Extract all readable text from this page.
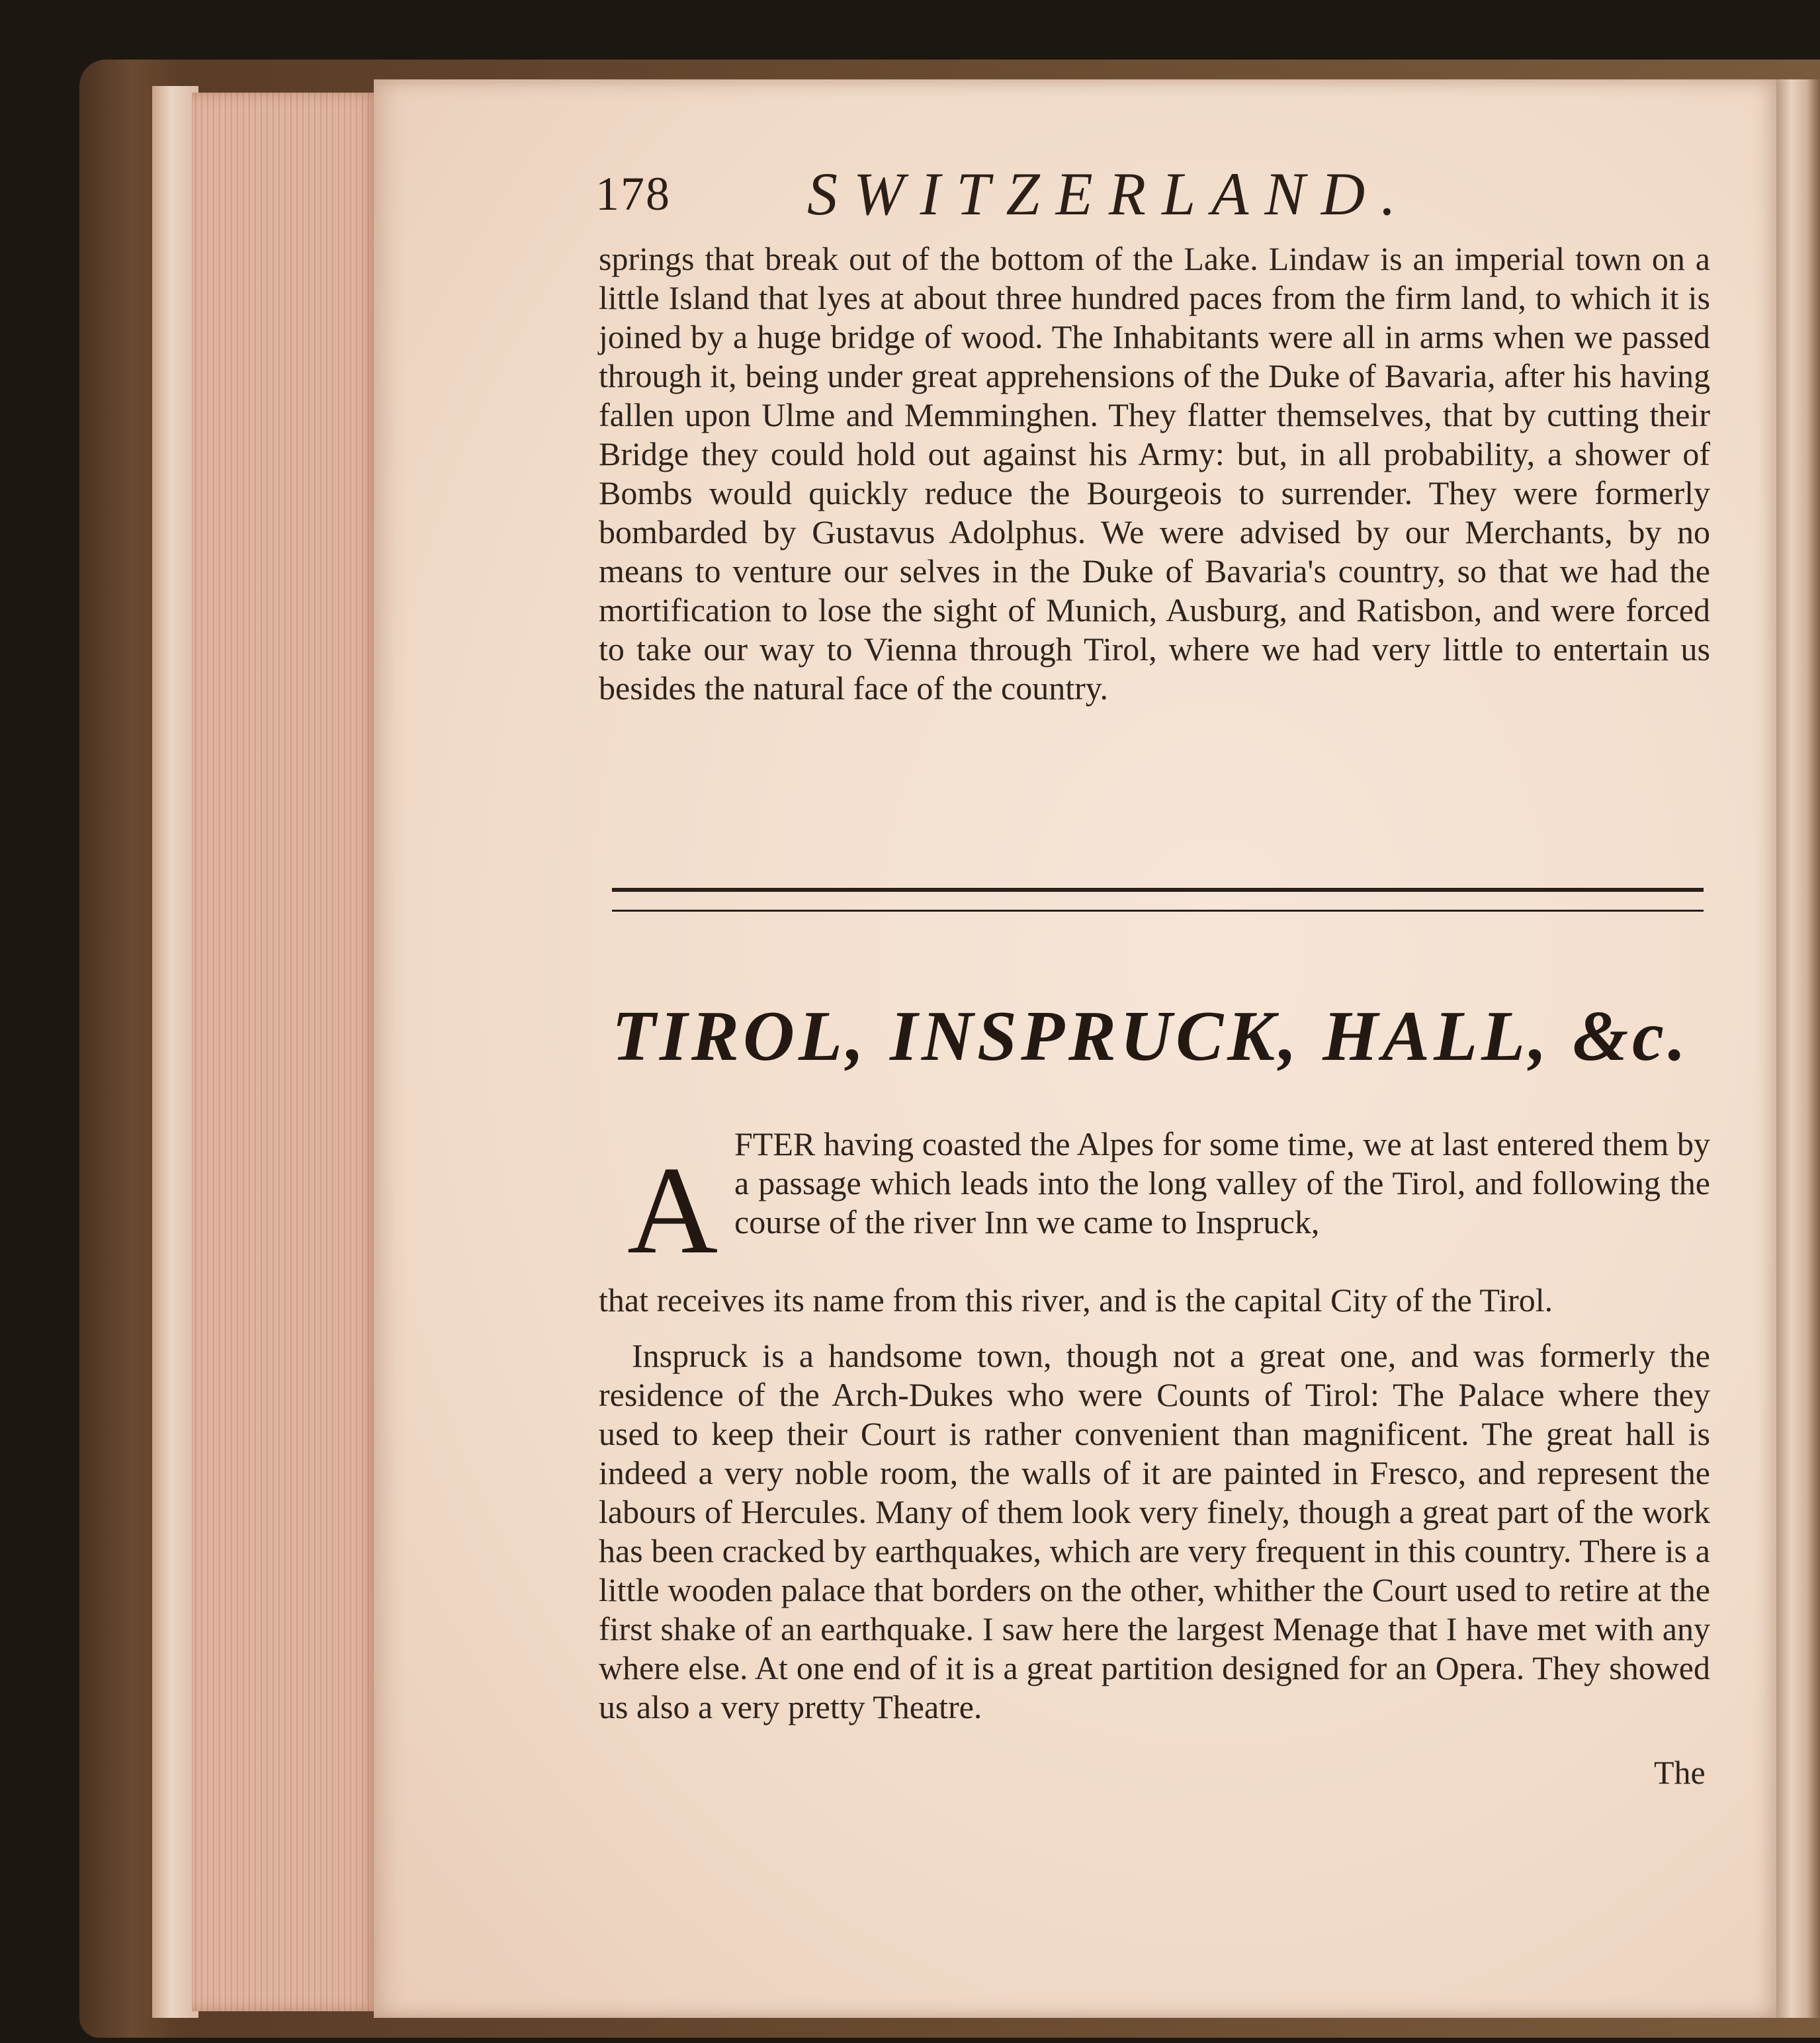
178 SWITZERLAND.

springs that break out of the bottom of the Lake. Lindaw is an imperial town on a little Island that lyes at about three hundred paces from the firm land, to which it is joined by a huge bridge of wood. The Inhabitants were all in arms when we passed through it, being under great apprehensions of the Duke of Bavaria, after his having fallen upon Ulme and Memminghen. They flatter themselves, that by cutting their Bridge they could hold out against his Army: but, in all probability, a shower of Bombs would quickly reduce the Bourgeois to surrender. They were formerly bombarded by Gustavus Adolphus. We were advised by our Merchants, by no means to venture our selves in the Duke of Bavaria's country, so that we had the mortification to lose the sight of Munich, Ausburg, and Ratisbon, and were forced to take our way to Vienna through Tirol, where we had very little to entertain us besides the natural face of the country.

TIROL, INSPRUCK, HALL, &c.
A FTER having coasted the Alpes for some time, we at last entered them by a passage which leads into the long valley of the Tirol, and following the course of the river Inn we came to Inspruck,

that receives its name from this river, and is the capital City of the Tirol.

Inspruck is a handsome town, though not a great one, and was formerly the residence of the Arch-Dukes who were Counts of Tirol: The Palace where they used to keep their Court is rather convenient than magnificent. The great hall is indeed a very noble room, the walls of it are painted in Fresco, and represent the labours of Hercules. Many of them look very finely, though a great part of the work has been cracked by earthquakes, which are very frequent in this country. There is a little wooden palace that borders on the other, whither the Court used to retire at the first shake of an earthquake. I saw here the largest Menage that I have met with any where else. At one end of it is a great partition designed for an Opera. They showed us also a very pretty Theatre.

The
